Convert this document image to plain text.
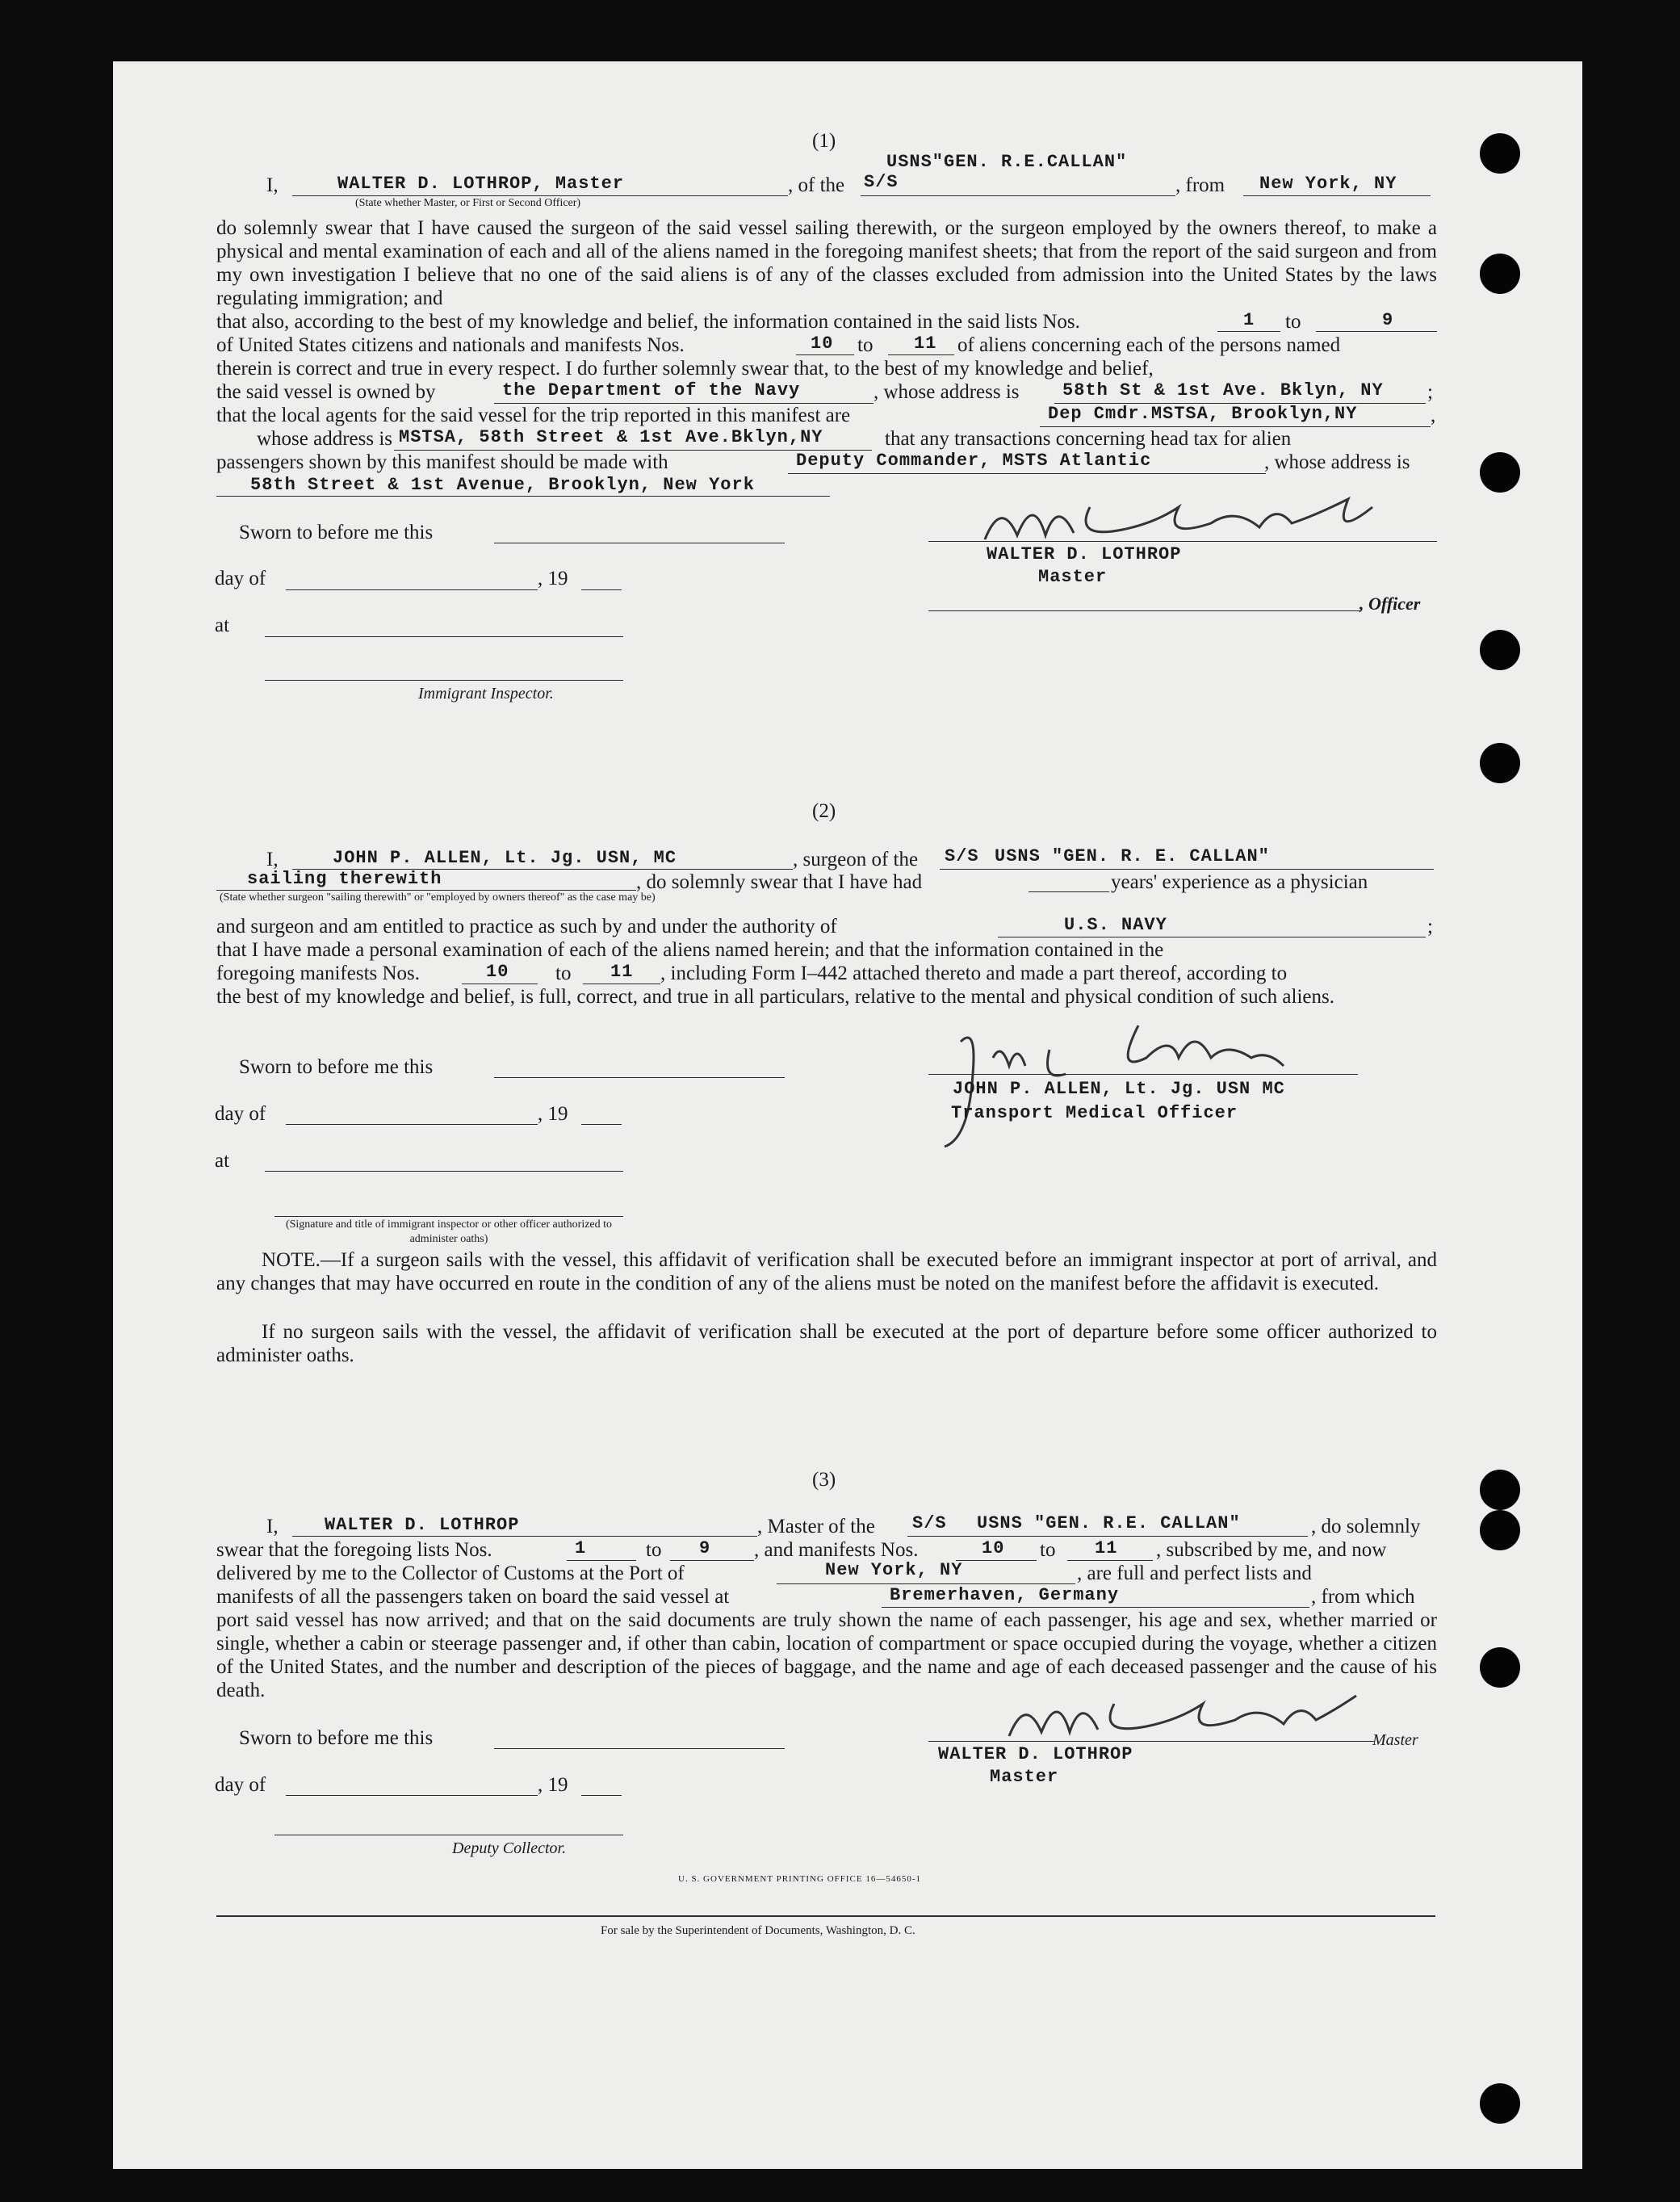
(1)
USNS"GEN. R.E.CALLAN"
I,	WALTER D. LOTHROP, Master
(State whether Master, or First or Second Officer)
, of the S/S	, from New York, NY
do solemnly swear that I have caused the surgeon of the said vessel sailing therewith, or the surgeon employed by the owners thereof, to make a physical and mental examination of each and all of the aliens named in the foregoing manifest sheets; that from the report of the said surgeon and from my own investigation I believe that no one of the said aliens is of any of the classes excluded from admission into the United States by the laws regulating immigration; and
that also, according to the best of my knowledge and belief, the information contained in the said lists Nos.	1 to	9
of United States citizens and nationals and manifests Nos.	10 to 11 of aliens concerning each of the persons named
therein is correct and true in every respect. I do further solemnly swear that, to the best of my knowledge and belief,
the said vessel is owned by	the Department of the Navy	, whose address is 58th St & 1st Ave. Bklyn, NY ;
that the local agents for the said vessel for the trip reported in this manifest are	Dep Cmdr.MSTSA, Brooklyn,NY	,
whose address is MSTSA, 58th Street & 1st Ave.Bklyn,NY	that any transactions concerning head tax for alien
passengers shown by this manifest should be made with	Deputy Commander, MSTS Atlantic	, whose address is
58th Street & 1st Avenue, Brooklyn, New York
Sworn to before me this
day of	, 19
at
Immigrant Inspector.
WALTER D. LOTHROP
Master
, Officer
(2)
I,	JOHN P. ALLEN, Lt. Jg. USN, MC	, surgeon of the S/S USNS "GEN. R. E. CALLAN"
sailing therewith
(State whether surgeon "sailing therewith" or "employed by owners thereof" as the case may be)
, do solemnly swear that I have had	years' experience as a physician
and surgeon and am entitled to practice as such by and under the authority of	U.S. NAVY	;
that I have made a personal examination of each of the aliens named herein; and that the information contained in the
foregoing manifests Nos.	10 to 11 , including Form I–442 attached thereto and made a part thereof, according to
the best of my knowledge and belief, is full, correct, and true in all particulars, relative to the mental and physical condition of such aliens.
Sworn to before me this
day of	, 19
at
(Signature and title of immigrant inspector or other officer authorized to administer oaths)
JOHN P. ALLEN, Lt. Jg. USN MC
Transport Medical Officer
NOTE.—If a surgeon sails with the vessel, this affidavit of verification shall be executed before an immigrant inspector at port of arrival, and any changes that may have occurred en route in the condition of any of the aliens must be noted on the manifest before the affidavit is executed.
If no surgeon sails with the vessel, the affidavit of verification shall be executed at the port of departure before some officer authorized to administer oaths.
(3)
I,	WALTER D. LOTHROP	, Master of the S/S USNS "GEN. R.E. CALLAN"	, do solemnly
swear that the foregoing lists Nos.	1	to 9 , and manifests Nos.	10 to 11 , subscribed by me, and now
delivered by me to the Collector of Customs at the Port of	New York, NY	, are full and perfect lists and
manifests of all the passengers taken on board the said vessel at	Bremerhaven, Germany	, from which
port said vessel has now arrived; and that on the said documents are truly shown the name of each passenger, his age and sex, whether married or single, whether a cabin or steerage passenger and, if other than cabin, location of compartment or space occupied during the voyage, whether a citizen of the United States, and the number and description of the pieces of baggage, and the name and age of each deceased passenger and the cause of his death.
Sworn to before me this
day of	, 19
Deputy Collector.
WALTER D. LOTHROP
Master
Master
U. S. GOVERNMENT PRINTING OFFICE 16—54650-1
For sale by the Superintendent of Documents, Washington, D. C.
